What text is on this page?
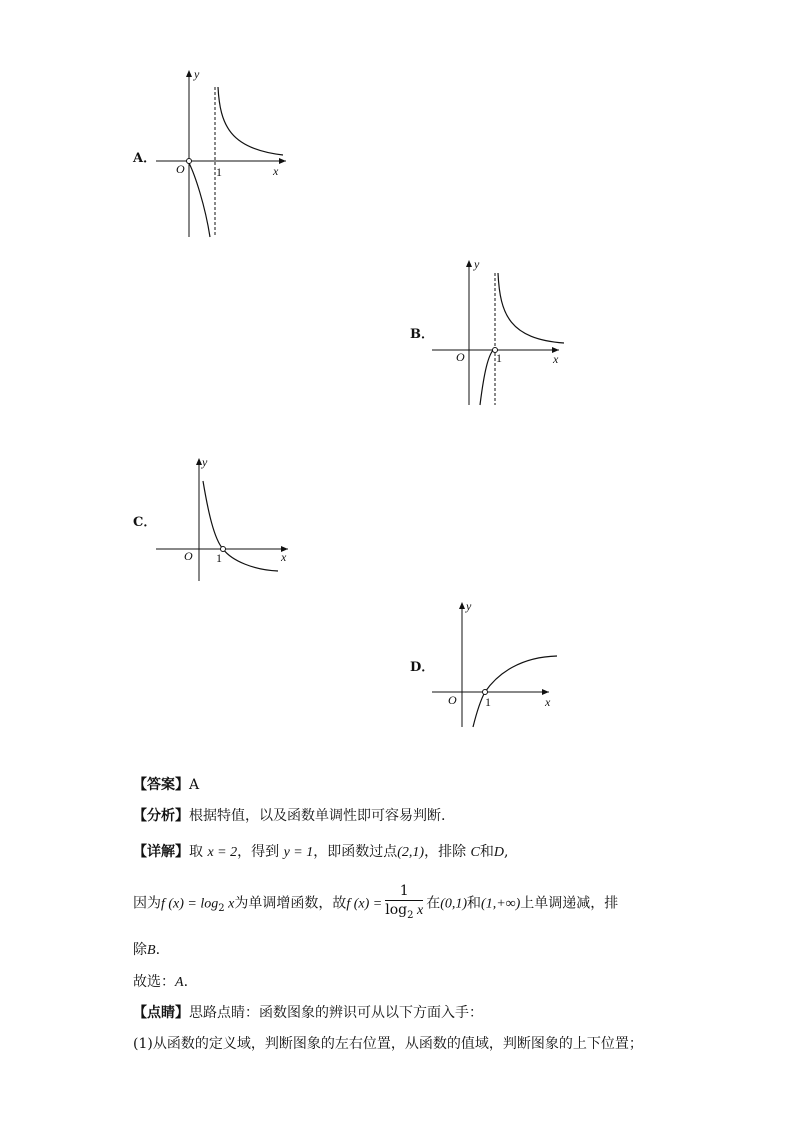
A．
O	1	x
y
B．
O	1	x
y
C．
O 1	x
y
D．
O 1	x
y
【答案】A
【分析】根据特值，以及函数单调性即可容易判断.
【详解】取 x = 2，得到 y = 1，即函数过点(2,1)，排除 C和D,
因为f $(x) = \log_2 x$为单调增函数，故f $(x) = \frac{1}{\log_2 x}$ 在(0,1)和(1,+∞)上单调递减，排
除B.
故选：A.
【点睛】思路点睛：函数图象的辨识可从以下方面入手：
(1)从函数的定义域，判断图象的左右位置，从函数的值域，判断图象的上下位置；
